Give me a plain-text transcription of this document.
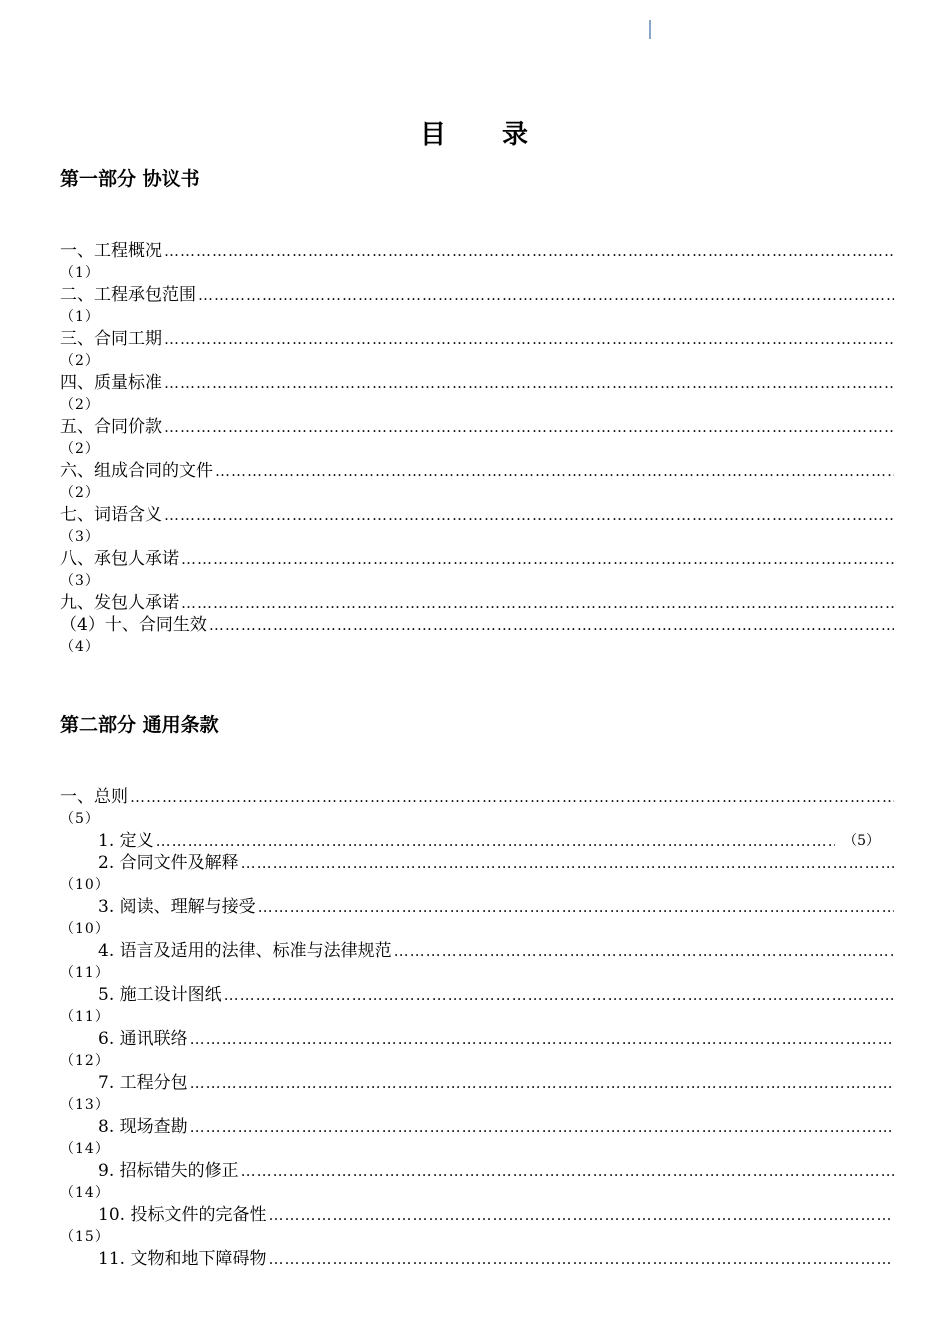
目 录
第一部分 协议书
一、工程概况
…………………………………………………………………………………………………………………………………………………………………………………………
（1）
二、工程承包范围
…………………………………………………………………………………………………………………………………………………………………………………………
（1）
三、合同工期
…………………………………………………………………………………………………………………………………………………………………………………………
（2）
四、质量标准
…………………………………………………………………………………………………………………………………………………………………………………………
（2）
五、合同价款
…………………………………………………………………………………………………………………………………………………………………………………………
（2）
六、组成合同的文件
…………………………………………………………………………………………………………………………………………………………………………………………
（2）
七、词语含义
…………………………………………………………………………………………………………………………………………………………………………………………
（3）
八、承包人承诺
…………………………………………………………………………………………………………………………………………………………………………………………
（3）
九、发包人承诺
…………………………………………………………………………………………………………………………………………………………………………………………
（4）十、合同生效
…………………………………………………………………………………………………………………………………………………………………………………………
（4）
第二部分 通用条款
一、总则
…………………………………………………………………………………………………………………………………………………………………………………………
（5）
1. 定义
…………………………………………………………………………………………………………………………………………………………………………………………	（5）
2. 合同文件及解释
…………………………………………………………………………………………………………………………………………………………………………………………
（10）
3. 阅读、理解与接受
…………………………………………………………………………………………………………………………………………………………………………………………
（10）
4. 语言及适用的法律、标准与法律规范
…………………………………………………………………………………………………………………………………………………………………………………………
（11）
5. 施工设计图纸
…………………………………………………………………………………………………………………………………………………………………………………………
（11）
6. 通讯联络
…………………………………………………………………………………………………………………………………………………………………………………………
（12）
7. 工程分包
…………………………………………………………………………………………………………………………………………………………………………………………
（13）
8. 现场查勘
…………………………………………………………………………………………………………………………………………………………………………………………
（14）
9. 招标错失的修正
…………………………………………………………………………………………………………………………………………………………………………………………
（14）
10. 投标文件的完备性
…………………………………………………………………………………………………………………………………………………………………………………………
（15）
11. 文物和地下障碍物
…………………………………………………………………………………………………………………………………………………………………………………………
